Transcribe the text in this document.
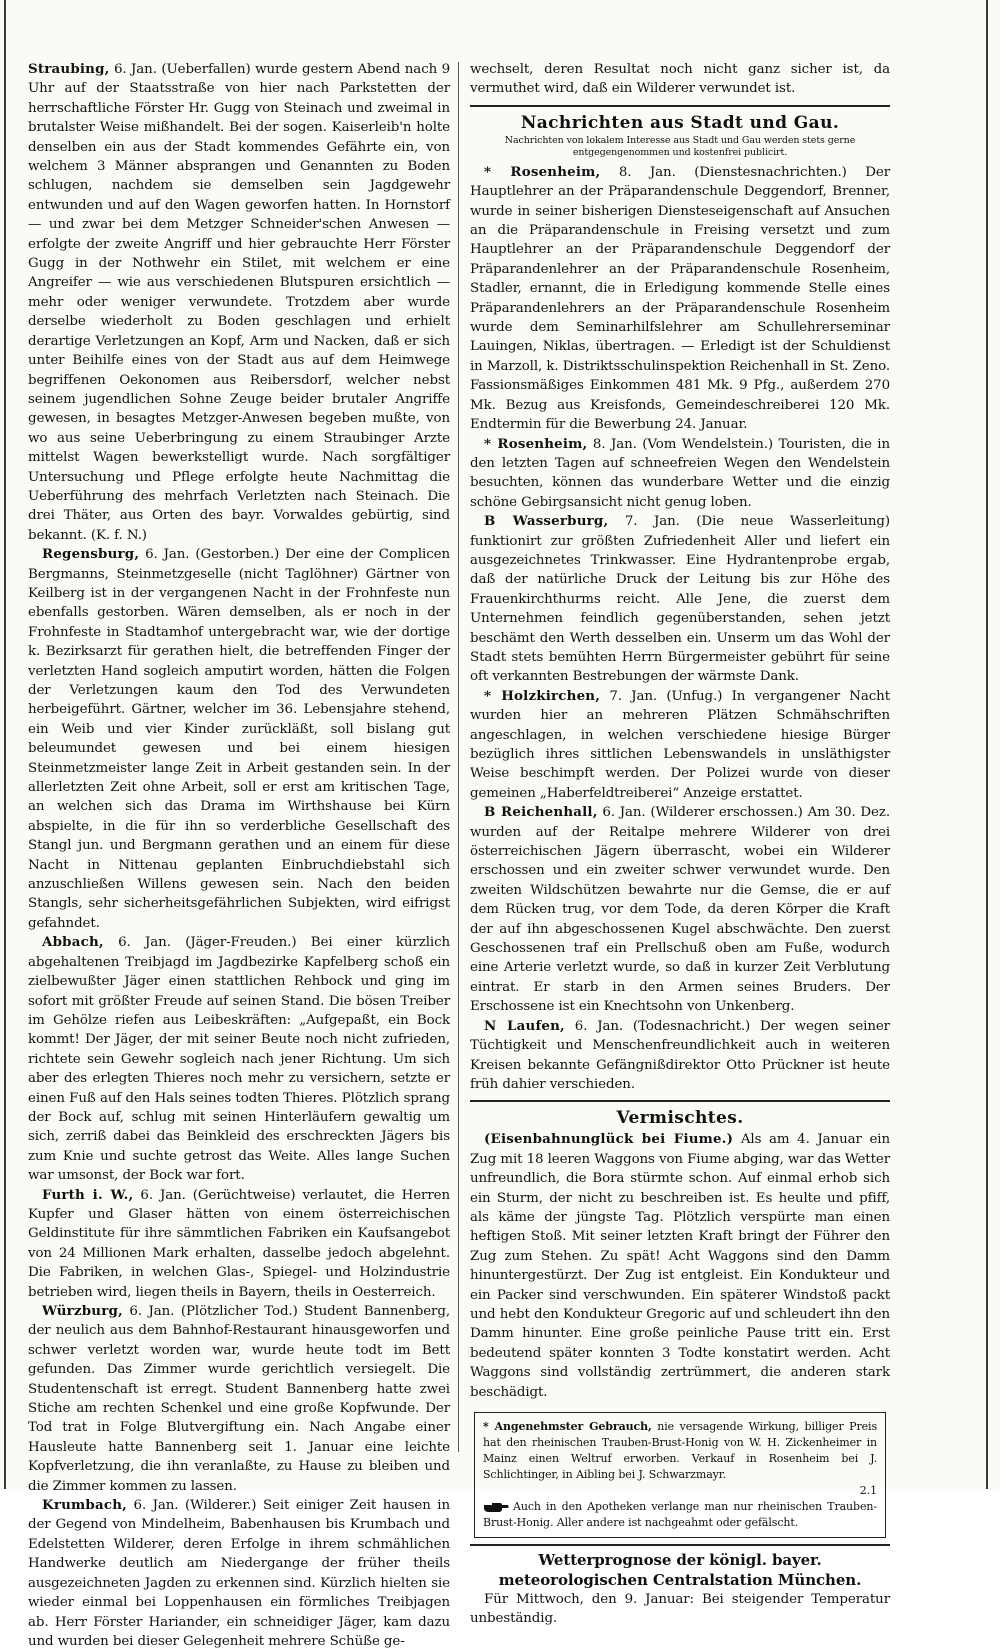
Straubing, 6. Jan. (Ueberfallen) wurde gestern Abend nach 9 Uhr auf der Staatsstraße von hier nach Parkstetten der herrschaftliche Förster Hr. Gugg von Steinach und zweimal in brutalster Weise mißhandelt. Bei der sogen. Kaiserleib'n holte denselben ein aus der Stadt kommendes Gefährte ein, von welchem 3 Männer absprangen und Genannten zu Boden schlugen, nachdem sie demselben sein Jagdgewehr entwunden und auf den Wagen geworfen hatten. In Hornstorf — und zwar bei dem Metzger Schneider'schen Anwesen — erfolgte der zweite Angriff und hier gebrauchte Herr Förster Gugg in der Nothwehr ein Stilet, mit welchem er eine Angreifer — wie aus verschiedenen Blutspuren ersichtlich — mehr oder weniger verwundete. Trotzdem aber wurde derselbe wiederholt zu Boden geschlagen und erhielt derartige Verletzungen an Kopf, Arm und Nacken, daß er sich unter Beihilfe eines von der Stadt aus auf dem Heimwege begriffenen Oekonomen aus Reibersdorf, welcher nebst seinem jugendlichen Sohne Zeuge beider brutaler Angriffe gewesen, in besagtes Metzger-Anwesen begeben mußte, von wo aus seine Ueberbringung zu einem Straubinger Arzte mittelst Wagen bewerkstelligt wurde. Nach sorgfältiger Untersuchung und Pflege erfolgte heute Nachmittag die Ueberführung des mehrfach Verletzten nach Steinach. Die drei Thäter, aus Orten des bayr. Vorwaldes gebürtig, sind bekannt. (K. f. N.)

Regensburg, 6. Jan. (Gestorben.) Der eine der Complicen Bergmanns, Steinmetzgeselle (nicht Taglöhner) Gärtner von Keilberg ist in der vergangenen Nacht in der Frohnfeste nun ebenfalls gestorben. Wären demselben, als er noch in der Frohnfeste in Stadtamhof untergebracht war, wie der dortige k. Bezirksarzt für gerathen hielt, die betreffenden Finger der verletzten Hand sogleich amputirt worden, hätten die Folgen der Verletzungen kaum den Tod des Verwundeten herbeigeführt. Gärtner, welcher im 36. Lebensjahre stehend, ein Weib und vier Kinder zurückläßt, soll bislang gut beleumundet gewesen und bei einem hiesigen Steinmetzmeister lange Zeit in Arbeit gestanden sein. In der allerletzten Zeit ohne Arbeit, soll er erst am kritischen Tage, an welchen sich das Drama im Wirthshause bei Kürn abspielte, in die für ihn so verderbliche Gesellschaft des Stangl jun. und Bergmann gerathen und an einem für diese Nacht in Nittenau geplanten Einbruchdiebstahl sich anzuschließen Willens gewesen sein. Nach den beiden Stangls, sehr sicherheitsgefährlichen Subjekten, wird eifrigst gefahndet.

Abbach, 6. Jan. (Jäger-Freuden.) Bei einer kürzlich abgehaltenen Treibjagd im Jagdbezirke Kapfelberg schoß ein zielbewußter Jäger einen stattlichen Rehbock und ging im sofort mit größter Freude auf seinen Stand. Die bösen Treiber im Gehölze riefen aus Leibeskräften: „Aufgepaßt, ein Bock kommt! Der Jäger, der mit seiner Beute noch nicht zufrieden, richtete sein Gewehr sogleich nach jener Richtung. Um sich aber des erlegten Thieres noch mehr zu versichern, setzte er einen Fuß auf den Hals seines todten Thieres. Plötzlich sprang der Bock auf, schlug mit seinen Hinterläufern gewaltig um sich, zerriß dabei das Beinkleid des erschreckten Jägers bis zum Knie und suchte getrost das Weite. Alles lange Suchen war umsonst, der Bock war fort.

Furth i. W., 6. Jan. (Gerüchtweise) verlautet, die Herren Kupfer und Glaser hätten von einem österreichischen Geldinstitute für ihre sämmtlichen Fabriken ein Kaufsangebot von 24 Millionen Mark erhalten, dasselbe jedoch abgelehnt. Die Fabriken, in welchen Glas-, Spiegel- und Holzindustrie betrieben wird, liegen theils in Bayern, theils in Oesterreich.

Würzburg, 6. Jan. (Plötzlicher Tod.) Student Bannenberg, der neulich aus dem Bahnhof-Restaurant hinausgeworfen und schwer verletzt worden war, wurde heute todt im Bett gefunden. Das Zimmer wurde gerichtlich versiegelt. Die Studentenschaft ist erregt. Student Bannenberg hatte zwei Stiche am rechten Schenkel und eine große Kopfwunde. Der Tod trat in Folge Blutvergiftung ein. Nach Angabe einer Hausleute hatte Bannenberg seit 1. Januar eine leichte Kopfverletzung, die ihn veranlaßte, zu Hause zu bleiben und die Zimmer kommen zu lassen.

Krumbach, 6. Jan. (Wilderer.) Seit einiger Zeit hausen in der Gegend von Mindelheim, Babenhausen bis Krumbach und Edelstetten Wilderer, deren Erfolge in ihrem schmählichen Handwerke deutlich am Niedergange der früher theils ausgezeichneten Jagden zu erkennen sind. Kürzlich hielten sie wieder einmal bei Loppenhausen ein förmliches Treibjagen ab. Herr Förster Hariander, ein schneidiger Jäger, kam dazu und wurden bei dieser Gelegenheit mehrere Schüße ge-

wechselt, deren Resultat noch nicht ganz sicher ist, da vermuthet wird, daß ein Wilderer verwundet ist.

Nachrichten aus Stadt und Gau.
Nachrichten von lokalem Interesse aus Stadt und Gau werden stets gerne entgegengenommen und kostenfrei publicirt.

* Rosenheim, 8. Jan. (Dienstesnachrichten.) Der Hauptlehrer an der Präparandenschule Deggendorf, Brenner, wurde in seiner bisherigen Diensteseigenschaft auf Ansuchen an die Präparandenschule in Freising versetzt und zum Hauptlehrer an der Präparandenschule Deggendorf der Präparandenlehrer an der Präparandenschule Rosenheim, Stadler, ernannt, die in Erledigung kommende Stelle eines Präparandenlehrers an der Präparandenschule Rosenheim wurde dem Seminarhilfslehrer am Schullehrerseminar Lauingen, Niklas, übertragen. — Erledigt ist der Schuldienst in Marzoll, k. Distriktsschulinspektion Reichenhall in St. Zeno. Fassionsmäßiges Einkommen 481 Mk. 9 Pfg., außerdem 270 Mk. Bezug aus Kreisfonds, Gemeindeschreiberei 120 Mk. Endtermin für die Bewerbung 24. Januar.

* Rosenheim, 8. Jan. (Vom Wendelstein.) Touristen, die in den letzten Tagen auf schneefreien Wegen den Wendelstein besuchten, können das wunderbare Wetter und die einzig schöne Gebirgsansicht nicht genug loben.

B Wasserburg, 7. Jan. (Die neue Wasserleitung) funktionirt zur größten Zufriedenheit Aller und liefert ein ausgezeichnetes Trinkwasser. Eine Hydrantenprobe ergab, daß der natürliche Druck der Leitung bis zur Höhe des Frauenkirchthurms reicht. Alle Jene, die zuerst dem Unternehmen feindlich gegenüberstanden, sehen jetzt beschämt den Werth desselben ein. Unserm um das Wohl der Stadt stets bemühten Herrn Bürgermeister gebührt für seine oft verkannten Bestrebungen der wärmste Dank.

* Holzkirchen, 7. Jan. (Unfug.) In vergangener Nacht wurden hier an mehreren Plätzen Schmähschriften angeschlagen, in welchen verschiedene hiesige Bürger bezüglich ihres sittlichen Lebenswandels in unsläthigster Weise beschimpft werden. Der Polizei wurde von dieser gemeinen „Haberfeldtreiberei“ Anzeige erstattet.

B Reichenhall, 6. Jan. (Wilderer erschossen.) Am 30. Dez. wurden auf der Reitalpe mehrere Wilderer von drei österreichischen Jägern überrascht, wobei ein Wilderer erschossen und ein zweiter schwer verwundet wurde. Den zweiten Wildschützen bewahrte nur die Gemse, die er auf dem Rücken trug, vor dem Tode, da deren Körper die Kraft der auf ihn abgeschossenen Kugel abschwächte. Den zuerst Geschossenen traf ein Prellschuß oben am Fuße, wodurch eine Arterie verletzt wurde, so daß in kurzer Zeit Verblutung eintrat. Er starb in den Armen seines Bruders. Der Erschossene ist ein Knechtsohn von Unkenberg.

N Laufen, 6. Jan. (Todesnachricht.) Der wegen seiner Tüchtigkeit und Menschenfreundlichkeit auch in weiteren Kreisen bekannte Gefängnißdirektor Otto Prückner ist heute früh dahier verschieden.

Vermischtes.

(Eisenbahnunglück bei Fiume.) Als am 4. Januar ein Zug mit 18 leeren Waggons von Fiume abging, war das Wetter unfreundlich, die Bora stürmte schon. Auf einmal erhob sich ein Sturm, der nicht zu beschreiben ist. Es heulte und pfiff, als käme der jüngste Tag. Plötzlich verspürte man einen heftigen Stoß. Mit seiner letzten Kraft bringt der Führer den Zug zum Stehen. Zu spät! Acht Waggons sind den Damm hinuntergestürzt. Der Zug ist entgleist. Ein Kondukteur und ein Packer sind verschwunden. Ein späterer Windstoß packt und hebt den Kondukteur Gregoric auf und schleudert ihn den Damm hinunter. Eine große peinliche Pause tritt ein. Erst bedeutend später konnten 3 Todte konstatirt werden. Acht Waggons sind vollständig zertrümmert, die anderen stark beschädigt.

* Angenehmster Gebrauch, nie versagende Wirkung, billiger Preis hat den rheinischen Trauben-Brust-Honig von W. H. Zickenheimer in Mainz einen Weltruf erworben. Verkauf in Rosenheim bei J. Schlichtinger, in Aibling bei J. Schwarzmayr.

2.1

Auch in den Apotheken verlange man nur rheinischen Trauben-Brust-Honig. Aller andere ist nachgeahmt oder gefälscht.

Wetterprognose der königl. bayer. meteorologischen Centralstation München.

Für Mittwoch, den 9. Januar: Bei steigender Temperatur unbeständig.
